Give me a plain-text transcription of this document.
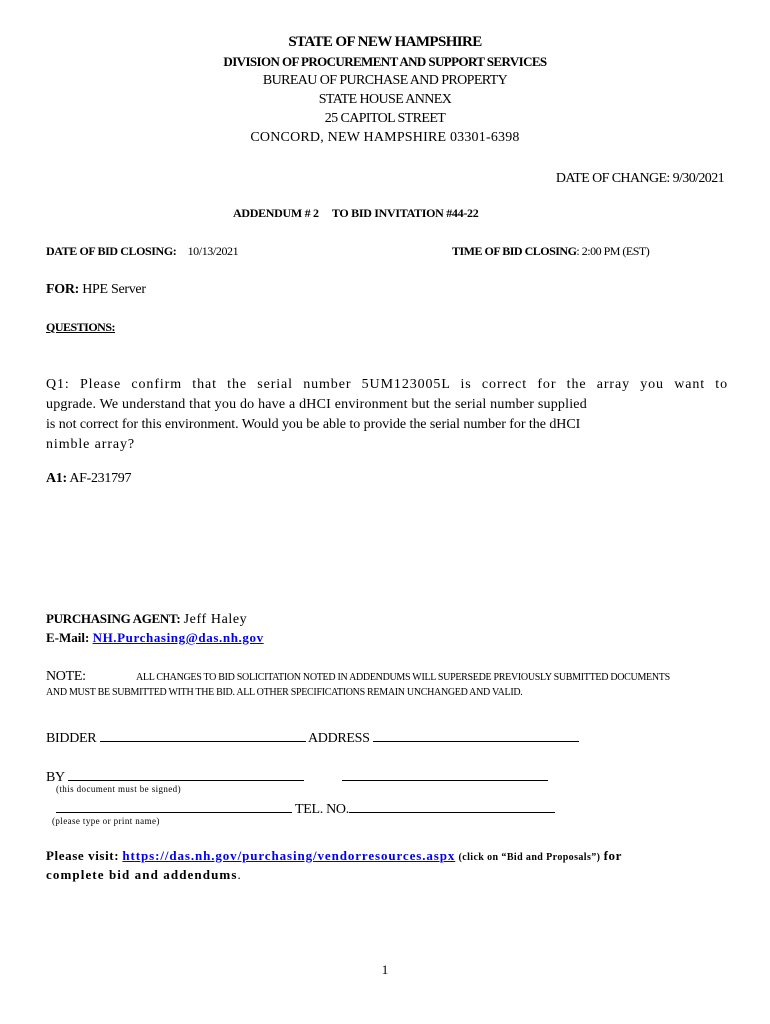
STATE OF NEW HAMPSHIRE
DIVISION OF PROCUREMENT AND SUPPORT SERVICES
BUREAU OF PURCHASE AND PROPERTY
STATE HOUSE ANNEX
25 CAPITOL STREET
CONCORD, NEW HAMPSHIRE 03301-6398
DATE OF CHANGE: 9/30/2021
ADDENDUM # 2 TO BID INVITATION #44-22
DATE OF BID CLOSING: 10/13/2021	TIME OF BID CLOSING: 2:00 PM (EST)
FOR: HPE Server
QUESTIONS:
Q1: Please confirm that the serial number 5UM123005L is correct for the array you want to
upgrade. We understand that you do have a dHCI environment but the serial number supplied
is not correct for this environment. Would you be able to provide the serial number for the dHCI
nimble array?
A1: AF-231797
PURCHASING AGENT: Jeff Haley
E-Mail: NH.Purchasing@das.nh.gov
NOTE:	ALL CHANGES TO BID SOLICITATION NOTED IN ADDENDUMS WILL SUPERSEDE PREVIOUSLY SUBMITTED DOCUMENTS
AND MUST BE SUBMITTED WITH THE BID. ALL OTHER SPECIFICATIONS REMAIN UNCHANGED AND VALID.
BIDDER	ADDRESS
BY
(this document must be signed)
TEL. NO.
(please type or print name)
Please visit: https://das.nh.gov/purchasing/vendorresources.aspx (click on “Bid and Proposals”) for
complete bid and addendums.
1
